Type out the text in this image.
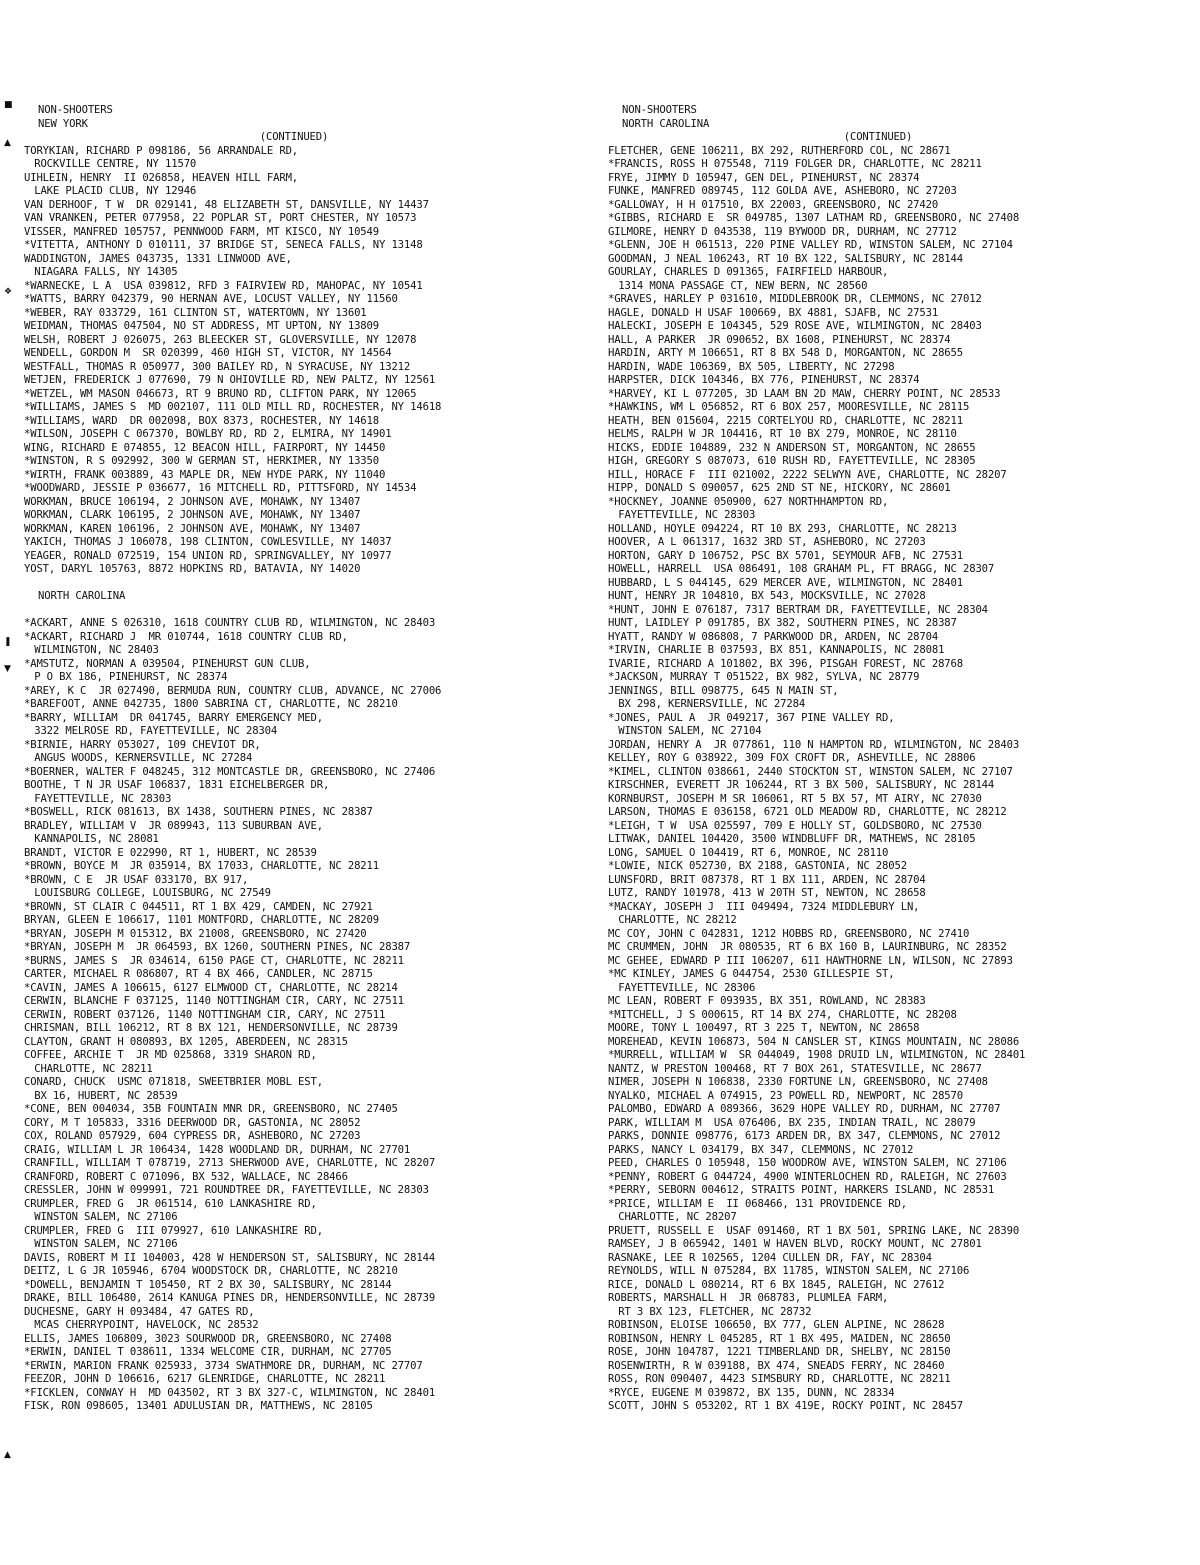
■
▲
❖
❚
▼
▲
NON-SHOOTERS
NEW YORK
(CONTINUED)
TORYKIAN, RICHARD P 098186, 56 ARRANDALE RD,
ROCKVILLE CENTRE, NY 11570
UIHLEIN, HENRY  II 026858, HEAVEN HILL FARM,
LAKE PLACID CLUB, NY 12946
VAN DERHOOF, T W  DR 029141, 48 ELIZABETH ST, DANSVILLE, NY 14437
VAN VRANKEN, PETER 077958, 22 POPLAR ST, PORT CHESTER, NY 10573
VISSER, MANFRED 105757, PENNWOOD FARM, MT KISCO, NY 10549
*VITETTA, ANTHONY D 010111, 37 BRIDGE ST, SENECA FALLS, NY 13148
WADDINGTON, JAMES 043735, 1331 LINWOOD AVE,
NIAGARA FALLS, NY 14305
*WARNECKE, L A  USA 039812, RFD 3 FAIRVIEW RD, MAHOPAC, NY 10541
*WATTS, BARRY 042379, 90 HERNAN AVE, LOCUST VALLEY, NY 11560
*WEBER, RAY 033729, 161 CLINTON ST, WATERTOWN, NY 13601
WEIDMAN, THOMAS 047504, NO ST ADDRESS, MT UPTON, NY 13809
WELSH, ROBERT J 026075, 263 BLEECKER ST, GLOVERSVILLE, NY 12078
WENDELL, GORDON M  SR 020399, 460 HIGH ST, VICTOR, NY 14564
WESTFALL, THOMAS R 050977, 300 BAILEY RD, N SYRACUSE, NY 13212
WETJEN, FREDERICK J 077690, 79 N OHIOVILLE RD, NEW PALTZ, NY 12561
*WETZEL, WM MASON 046673, RT 9 BRUNO RD, CLIFTON PARK, NY 12065
*WILLIAMS, JAMES S  MD 002107, 111 OLD MILL RD, ROCHESTER, NY 14618
*WILLIAMS, WARD  DR 002098, BOX 8373, ROCHESTER, NY 14618
*WILSON, JOSEPH C 067370, BOWLBY RD, RD 2, ELMIRA, NY 14901
WING, RICHARD E 074855, 12 BEACON HILL, FAIRPORT, NY 14450
*WINSTON, R S 092992, 300 W GERMAN ST, HERKIMER, NY 13350
*WIRTH, FRANK 003889, 43 MAPLE DR, NEW HYDE PARK, NY 11040
*WOODWARD, JESSIE P 036677, 16 MITCHELL RD, PITTSFORD, NY 14534
WORKMAN, BRUCE 106194, 2 JOHNSON AVE, MOHAWK, NY 13407
WORKMAN, CLARK 106195, 2 JOHNSON AVE, MOHAWK, NY 13407
WORKMAN, KAREN 106196, 2 JOHNSON AVE, MOHAWK, NY 13407
YAKICH, THOMAS J 106078, 198 CLINTON, COWLESVILLE, NY 14037
YEAGER, RONALD 072519, 154 UNION RD, SPRINGVALLEY, NY 10977
YOST, DARYL 105763, 8872 HOPKINS RD, BATAVIA, NY 14020
NORTH CAROLINA
*ACKART, ANNE S 026310, 1618 COUNTRY CLUB RD, WILMINGTON, NC 28403
*ACKART, RICHARD J  MR 010744, 1618 COUNTRY CLUB RD,
WILMINGTON, NC 28403
*AMSTUTZ, NORMAN A 039504, PINEHURST GUN CLUB,
P O BX 186, PINEHURST, NC 28374
*AREY, K C  JR 027490, BERMUDA RUN, COUNTRY CLUB, ADVANCE, NC 27006
*BAREFOOT, ANNE 042735, 1800 SABRINA CT, CHARLOTTE, NC 28210
*BARRY, WILLIAM  DR 041745, BARRY EMERGENCY MED,
3322 MELROSE RD, FAYETTEVILLE, NC 28304
*BIRNIE, HARRY 053027, 109 CHEVIOT DR,
ANGUS WOODS, KERNERSVILLE, NC 27284
*BOERNER, WALTER F 048245, 312 MONTCASTLE DR, GREENSBORO, NC 27406
BOOTHE, T N JR USAF 106837, 1831 EICHELBERGER DR,
FAYETTEVILLE, NC 28303
*BOSWELL, RICK 081613, BX 1438, SOUTHERN PINES, NC 28387
BRADLEY, WILLIAM V  JR 089943, 113 SUBURBAN AVE,
KANNAPOLIS, NC 28081
BRANDT, VICTOR E 022990, RT 1, HUBERT, NC 28539
*BROWN, BOYCE M  JR 035914, BX 17033, CHARLOTTE, NC 28211
*BROWN, C E  JR USAF 033170, BX 917,
LOUISBURG COLLEGE, LOUISBURG, NC 27549
*BROWN, ST CLAIR C 044511, RT 1 BX 429, CAMDEN, NC 27921
BRYAN, GLEEN E 106617, 1101 MONTFORD, CHARLOTTE, NC 28209
*BRYAN, JOSEPH M 015312, BX 21008, GREENSBORO, NC 27420
*BRYAN, JOSEPH M  JR 064593, BX 1260, SOUTHERN PINES, NC 28387
*BURNS, JAMES S  JR 034614, 6150 PAGE CT, CHARLOTTE, NC 28211
CARTER, MICHAEL R 086807, RT 4 BX 466, CANDLER, NC 28715
*CAVIN, JAMES A 106615, 6127 ELMWOOD CT, CHARLOTTE, NC 28214
CERWIN, BLANCHE F 037125, 1140 NOTTINGHAM CIR, CARY, NC 27511
CERWIN, ROBERT 037126, 1140 NOTTINGHAM CIR, CARY, NC 27511
CHRISMAN, BILL 106212, RT 8 BX 121, HENDERSONVILLE, NC 28739
CLAYTON, GRANT H 080893, BX 1205, ABERDEEN, NC 28315
COFFEE, ARCHIE T  JR MD 025868, 3319 SHARON RD,
CHARLOTTE, NC 28211
CONARD, CHUCK  USMC 071818, SWEETBRIER MOBL EST,
BX 16, HUBERT, NC 28539
*CONE, BEN 004034, 35B FOUNTAIN MNR DR, GREENSBORO, NC 27405
CORY, M T 105833, 3316 DEERWOOD DR, GASTONIA, NC 28052
COX, ROLAND 057929, 604 CYPRESS DR, ASHEBORO, NC 27203
CRAIG, WILLIAM L JR 106434, 1428 WOODLAND DR, DURHAM, NC 27701
CRANFILL, WILLIAM T 078719, 2713 SHERWOOD AVE, CHARLOTTE, NC 28207
CRANFORD, ROBERT C 071096, BX 532, WALLACE, NC 28466
CRESSLER, JOHN W 099991, 721 ROUNDTREE DR, FAYETTEVILLE, NC 28303
CRUMPLER, FRED G  JR 061514, 610 LANKASHIRE RD,
WINSTON SALEM, NC 27106
CRUMPLER, FRED G  III 079927, 610 LANKASHIRE RD,
WINSTON SALEM, NC 27106
DAVIS, ROBERT M II 104003, 428 W HENDERSON ST, SALISBURY, NC 28144
DEITZ, L G JR 105946, 6704 WOODSTOCK DR, CHARLOTTE, NC 28210
*DOWELL, BENJAMIN T 105450, RT 2 BX 30, SALISBURY, NC 28144
DRAKE, BILL 106480, 2614 KANUGA PINES DR, HENDERSONVILLE, NC 28739
DUCHESNE, GARY H 093484, 47 GATES RD,
MCAS CHERRYPOINT, HAVELOCK, NC 28532
ELLIS, JAMES 106809, 3023 SOURWOOD DR, GREENSBORO, NC 27408
*ERWIN, DANIEL T 038611, 1334 WELCOME CIR, DURHAM, NC 27705
*ERWIN, MARION FRANK 025933, 3734 SWATHMORE DR, DURHAM, NC 27707
FEEZOR, JOHN D 106616, 6217 GLENRIDGE, CHARLOTTE, NC 28211
*FICKLEN, CONWAY H  MD 043502, RT 3 BX 327-C, WILMINGTON, NC 28401
FISK, RON 098605, 13401 ADULUSIAN DR, MATTHEWS, NC 28105
NON-SHOOTERS
NORTH CAROLINA
(CONTINUED)
FLETCHER, GENE 106211, BX 292, RUTHERFORD COL, NC 28671
*FRANCIS, ROSS H 075548, 7119 FOLGER DR, CHARLOTTE, NC 28211
FRYE, JIMMY D 105947, GEN DEL, PINEHURST, NC 28374
FUNKE, MANFRED 089745, 112 GOLDA AVE, ASHEBORO, NC 27203
*GALLOWAY, H H 017510, BX 22003, GREENSBORO, NC 27420
*GIBBS, RICHARD E  SR 049785, 1307 LATHAM RD, GREENSBORO, NC 27408
GILMORE, HENRY D 043538, 119 BYWOOD DR, DURHAM, NC 27712
*GLENN, JOE H 061513, 220 PINE VALLEY RD, WINSTON SALEM, NC 27104
GOODMAN, J NEAL 106243, RT 10 BX 122, SALISBURY, NC 28144
GOURLAY, CHARLES D 091365, FAIRFIELD HARBOUR,
1314 MONA PASSAGE CT, NEW BERN, NC 28560
*GRAVES, HARLEY P 031610, MIDDLEBROOK DR, CLEMMONS, NC 27012
HAGLE, DONALD H USAF 100669, BX 4881, SJAFB, NC 27531
HALECKI, JOSEPH E 104345, 529 ROSE AVE, WILMINGTON, NC 28403
HALL, A PARKER  JR 090652, BX 1608, PINEHURST, NC 28374
HARDIN, ARTY M 106651, RT 8 BX 548 D, MORGANTON, NC 28655
HARDIN, WADE 106369, BX 505, LIBERTY, NC 27298
HARPSTER, DICK 104346, BX 776, PINEHURST, NC 28374
*HARVEY, KI L 077205, 3D LAAM BN 2D MAW, CHERRY POINT, NC 28533
*HAWKINS, WM L 056852, RT 6 BOX 257, MOORESVILLE, NC 28115
HEATH, BEN 015604, 2215 CORTELYOU RD, CHARLOTTE, NC 28211
HELMS, RALPH W JR 104416, RT 10 BX 279, MONROE, NC 28110
HICKS, EDDIE 104889, 232 N ANDERSON ST, MORGANTON, NC 28655
HIGH, GREGORY S 087073, 610 RUSH RD, FAYETTEVILLE, NC 28305
HILL, HORACE F  III 021002, 2222 SELWYN AVE, CHARLOTTE, NC 28207
HIPP, DONALD S 090057, 625 2ND ST NE, HICKORY, NC 28601
*HOCKNEY, JOANNE 050900, 627 NORTHHAMPTON RD,
FAYETTEVILLE, NC 28303
HOLLAND, HOYLE 094224, RT 10 BX 293, CHARLOTTE, NC 28213
HOOVER, A L 061317, 1632 3RD ST, ASHEBORO, NC 27203
HORTON, GARY D 106752, PSC BX 5701, SEYMOUR AFB, NC 27531
HOWELL, HARRELL  USA 086491, 108 GRAHAM PL, FT BRAGG, NC 28307
HUBBARD, L S 044145, 629 MERCER AVE, WILMINGTON, NC 28401
HUNT, HENRY JR 104810, BX 543, MOCKSVILLE, NC 27028
*HUNT, JOHN E 076187, 7317 BERTRAM DR, FAYETTEVILLE, NC 28304
HUNT, LAIDLEY P 091785, BX 382, SOUTHERN PINES, NC 28387
HYATT, RANDY W 086808, 7 PARKWOOD DR, ARDEN, NC 28704
*IRVIN, CHARLIE B 037593, BX 851, KANNAPOLIS, NC 28081
IVARIE, RICHARD A 101802, BX 396, PISGAH FOREST, NC 28768
*JACKSON, MURRAY T 051522, BX 982, SYLVA, NC 28779
JENNINGS, BILL 098775, 645 N MAIN ST,
BX 298, KERNERSVILLE, NC 27284
*JONES, PAUL A  JR 049217, 367 PINE VALLEY RD,
WINSTON SALEM, NC 27104
JORDAN, HENRY A  JR 077861, 110 N HAMPTON RD, WILMINGTON, NC 28403
KELLEY, ROY G 038922, 309 FOX CROFT DR, ASHEVILLE, NC 28806
*KIMEL, CLINTON 038661, 2440 STOCKTON ST, WINSTON SALEM, NC 27107
KIRSCHNER, EVERETT JR 106244, RT 3 BX 500, SALISBURY, NC 28144
KORNBURST, JOSEPH M SR 106061, RT 5 BX 57, MT AIRY, NC 27030
LARSON, THOMAS E 036158, 6721 OLD MEADOW RD, CHARLOTTE, NC 28212
*LEIGH, T W  USA 025597, 709 E HOLLY ST, GOLDSBORO, NC 27530
LITWAK, DANIEL 104420, 3500 WINDBLUFF DR, MATHEWS, NC 28105
LONG, SAMUEL O 104419, RT 6, MONROE, NC 28110
*LOWIE, NICK 052730, BX 2188, GASTONIA, NC 28052
LUNSFORD, BRIT 087378, RT 1 BX 111, ARDEN, NC 28704
LUTZ, RANDY 101978, 413 W 20TH ST, NEWTON, NC 28658
*MACKAY, JOSEPH J  III 049494, 7324 MIDDLEBURY LN,
CHARLOTTE, NC 28212
MC COY, JOHN C 042831, 1212 HOBBS RD, GREENSBORO, NC 27410
MC CRUMMEN, JOHN  JR 080535, RT 6 BX 160 B, LAURINBURG, NC 28352
MC GEHEE, EDWARD P III 106207, 611 HAWTHORNE LN, WILSON, NC 27893
*MC KINLEY, JAMES G 044754, 2530 GILLESPIE ST,
FAYETTEVILLE, NC 28306
MC LEAN, ROBERT F 093935, BX 351, ROWLAND, NC 28383
*MITCHELL, J S 000615, RT 14 BX 274, CHARLOTTE, NC 28208
MOORE, TONY L 100497, RT 3 225 T, NEWTON, NC 28658
MOREHEAD, KEVIN 106873, 504 N CANSLER ST, KINGS MOUNTAIN, NC 28086
*MURRELL, WILLIAM W  SR 044049, 1908 DRUID LN, WILMINGTON, NC 28401
NANTZ, W PRESTON 100468, RT 7 BOX 261, STATESVILLE, NC 28677
NIMER, JOSEPH N 106838, 2330 FORTUNE LN, GREENSBORO, NC 27408
NYALKO, MICHAEL A 074915, 23 POWELL RD, NEWPORT, NC 28570
PALOMBO, EDWARD A 089366, 3629 HOPE VALLEY RD, DURHAM, NC 27707
PARK, WILLIAM M  USA 076406, BX 235, INDIAN TRAIL, NC 28079
PARKS, DONNIE 098776, 6173 ARDEN DR, BX 347, CLEMMONS, NC 27012
PARKS, NANCY L 034179, BX 347, CLEMMONS, NC 27012
PEED, CHARLES O 105948, 150 WOODROW AVE, WINSTON SALEM, NC 27106
*PENNY, ROBERT G 044724, 4900 WINTERLOCHEN RD, RALEIGH, NC 27603
*PERRY, SEBORN 004612, STRAITS POINT, HARKERS ISLAND, NC 28531
*PRICE, WILLIAM E  II 068466, 131 PROVIDENCE RD,
CHARLOTTE, NC 28207
PRUETT, RUSSELL E  USAF 091460, RT 1 BX 501, SPRING LAKE, NC 28390
RAMSEY, J B 065942, 1401 W HAVEN BLVD, ROCKY MOUNT, NC 27801
RASNAKE, LEE R 102565, 1204 CULLEN DR, FAY, NC 28304
REYNOLDS, WILL N 075284, BX 11785, WINSTON SALEM, NC 27106
RICE, DONALD L 080214, RT 6 BX 1845, RALEIGH, NC 27612
ROBERTS, MARSHALL H  JR 068783, PLUMLEA FARM,
RT 3 BX 123, FLETCHER, NC 28732
ROBINSON, ELOISE 106650, BX 777, GLEN ALPINE, NC 28628
ROBINSON, HENRY L 045285, RT 1 BX 495, MAIDEN, NC 28650
ROSE, JOHN 104787, 1221 TIMBERLAND DR, SHELBY, NC 28150
ROSENWIRTH, R W 039188, BX 474, SNEADS FERRY, NC 28460
ROSS, RON 090407, 4423 SIMSBURY RD, CHARLOTTE, NC 28211
*RYCE, EUGENE M 039872, BX 135, DUNN, NC 28334
SCOTT, JOHN S 053202, RT 1 BX 419E, ROCKY POINT, NC 28457
